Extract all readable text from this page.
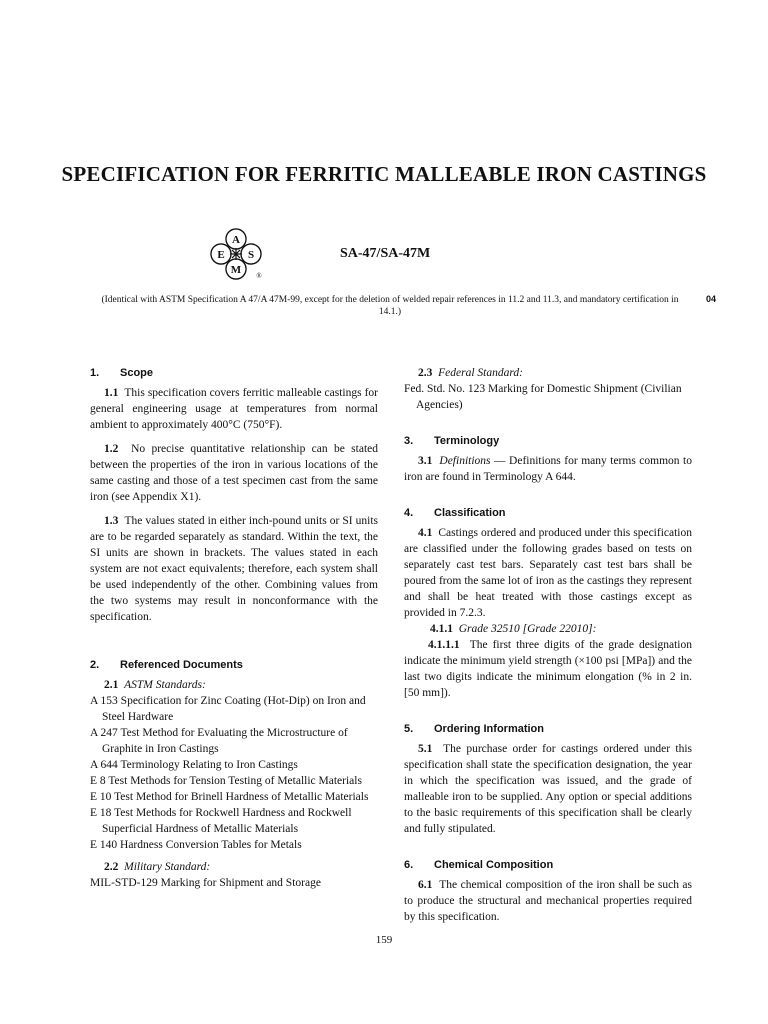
SPECIFICATION FOR FERRITIC MALLEABLE IRON CASTINGS
A
S
M
E
®
SA-47/SA-47M

(Identical with ASTM Specification A 47/A 47M-99, except for the deletion of welded repair references in 11.2 and 11.3, and mandatory certification in 14.1.)

04
1. Scope

1.1 This specification covers ferritic malleable castings for general engineering usage at temperatures from normal ambient to approximately 400°C (750°F).

1.2 No precise quantitative relationship can be stated between the properties of the iron in various locations of the same casting and those of a test specimen cast from the same iron (see Appendix X1).

1.3 The values stated in either inch-pound units or SI units are to be regarded separately as standard. Within the text, the SI units are shown in brackets. The values stated in each system are not exact equivalents; therefore, each system shall be used independently of the other. Combining values from the two systems may result in nonconformance with the specification.

2. Referenced Documents

2.1 ASTM Standards:

A 153 Specification for Zinc Coating (Hot-Dip) on Iron and Steel Hardware

A 247 Test Method for Evaluating the Microstructure of Graphite in Iron Castings

A 644 Terminology Relating to Iron Castings

E 8 Test Methods for Tension Testing of Metallic Materials

E 10 Test Method for Brinell Hardness of Metallic Materials

E 18 Test Methods for Rockwell Hardness and Rockwell Superficial Hardness of Metallic Materials

E 140 Hardness Conversion Tables for Metals

2.2 Military Standard:

MIL-STD-129 Marking for Shipment and Storage

2.3 Federal Standard:

Fed. Std. No. 123 Marking for Domestic Shipment (Civilian Agencies)

3. Terminology

3.1 Definitions — Definitions for many terms common to iron are found in Terminology A 644.

4. Classification

4.1 Castings ordered and produced under this specification are classified under the following grades based on tests on separately cast test bars. Separately cast test bars shall be poured from the same lot of iron as the castings they represent and shall be heat treated with those castings except as provided in 7.2.3.

4.1.1 Grade 32510 [Grade 22010]:

4.1.1.1 The first three digits of the grade designation indicate the minimum yield strength (×100 psi [MPa]) and the last two digits indicate the minimum elongation (% in 2 in. [50 mm]).

5. Ordering Information

5.1 The purchase order for castings ordered under this specification shall state the specification designation, the year in which the specification was issued, and the grade of malleable iron to be supplied. Any option or special additions to the basic requirements of this specification shall be clearly and fully stipulated.

6. Chemical Composition

6.1 The chemical composition of the iron shall be such as to produce the structural and mechanical properties required by this specification.

159
